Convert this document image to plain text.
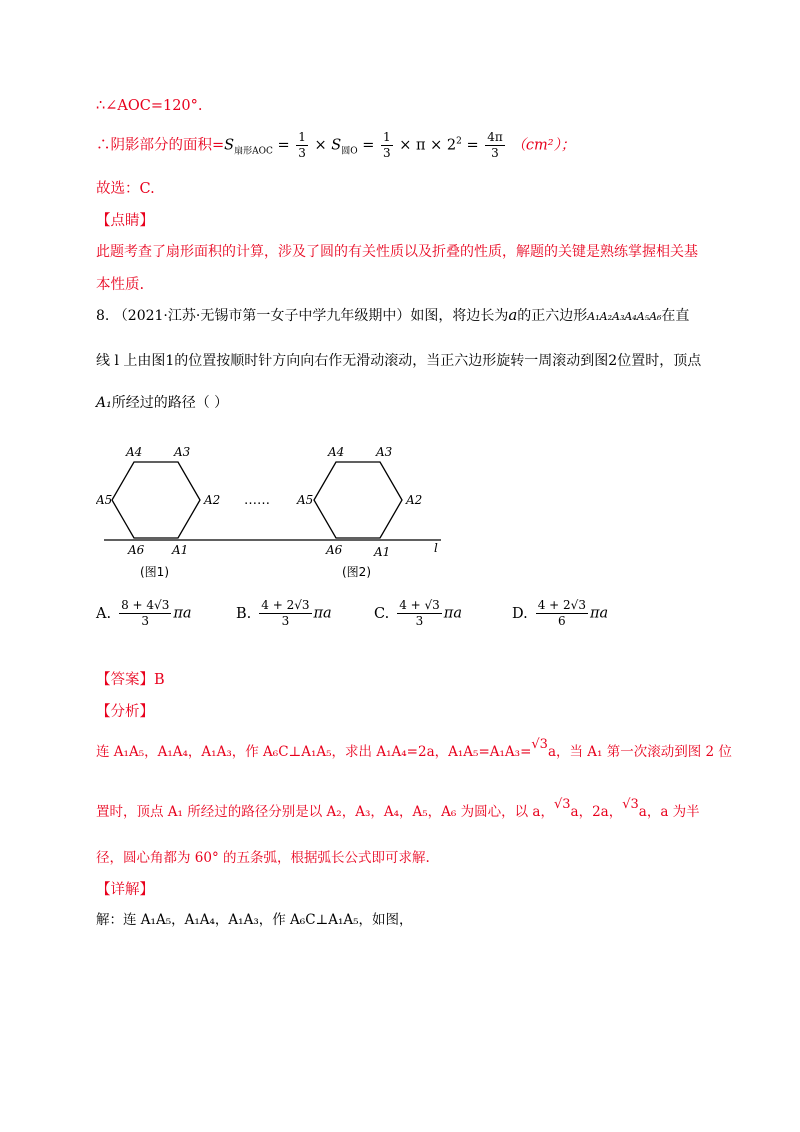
∴∠AOC=120°.
∴阴影部分的面积$=S_{扇形AOC} = \frac{1}{3} \times S_{圆O} = \frac{1}{3} \times \pi \times 2^2 = \frac{4\pi}{3} (cm^2)$；
故选：C.
【点睛】
此题考查了扇形面积的计算，涉及了圆的有关性质以及折叠的性质，解题的关键是熟练掌握相关基
本性质.
8. （2021·江苏·无锡市第一女子中学九年级期中）如图，将边长为a的正六边形A₁A₂A₃A₄A₅A₆在直
线 l 上由图1的位置按顺时针方向向右作无滑动滚动，当正六边形旋转一周滚动到图2位置时，顶点
A₁所经过的路径（ ）
A4	A3
A5	A2
A6 A1
A4	A3
A5	A2
A6	A1	l
……
(图1)	(图2)
A. $\frac{8 + 4√3}{3}$ πa	B. $\frac{4 + 2√3}{3}$ πa	C. $\frac{4 + √3}{3}$ πa	D. $\frac{4 + 2√3}{6}$ πa
【答案】B
【分析】
连 A₁A₅，A₁A₄，A₁A₃，作 A₆C⊥A₁A₅，求出 A₁A₄=2a，A₁A₅=A₁A₃=√3a，当 A₁ 第一次滚动到图 2 位
置时，顶点 A₁ 所经过的路径分别是以 A₂，A₃，A₄，A₅，A₆ 为圆心，以 a，√3a，2a，√3a，a 为半
径，圆心角都为 60° 的五条弧，根据弧长公式即可求解.
【详解】
解：连 A₁A₅，A₁A₄，A₁A₃，作 A₆C⊥A₁A₅，如图，
